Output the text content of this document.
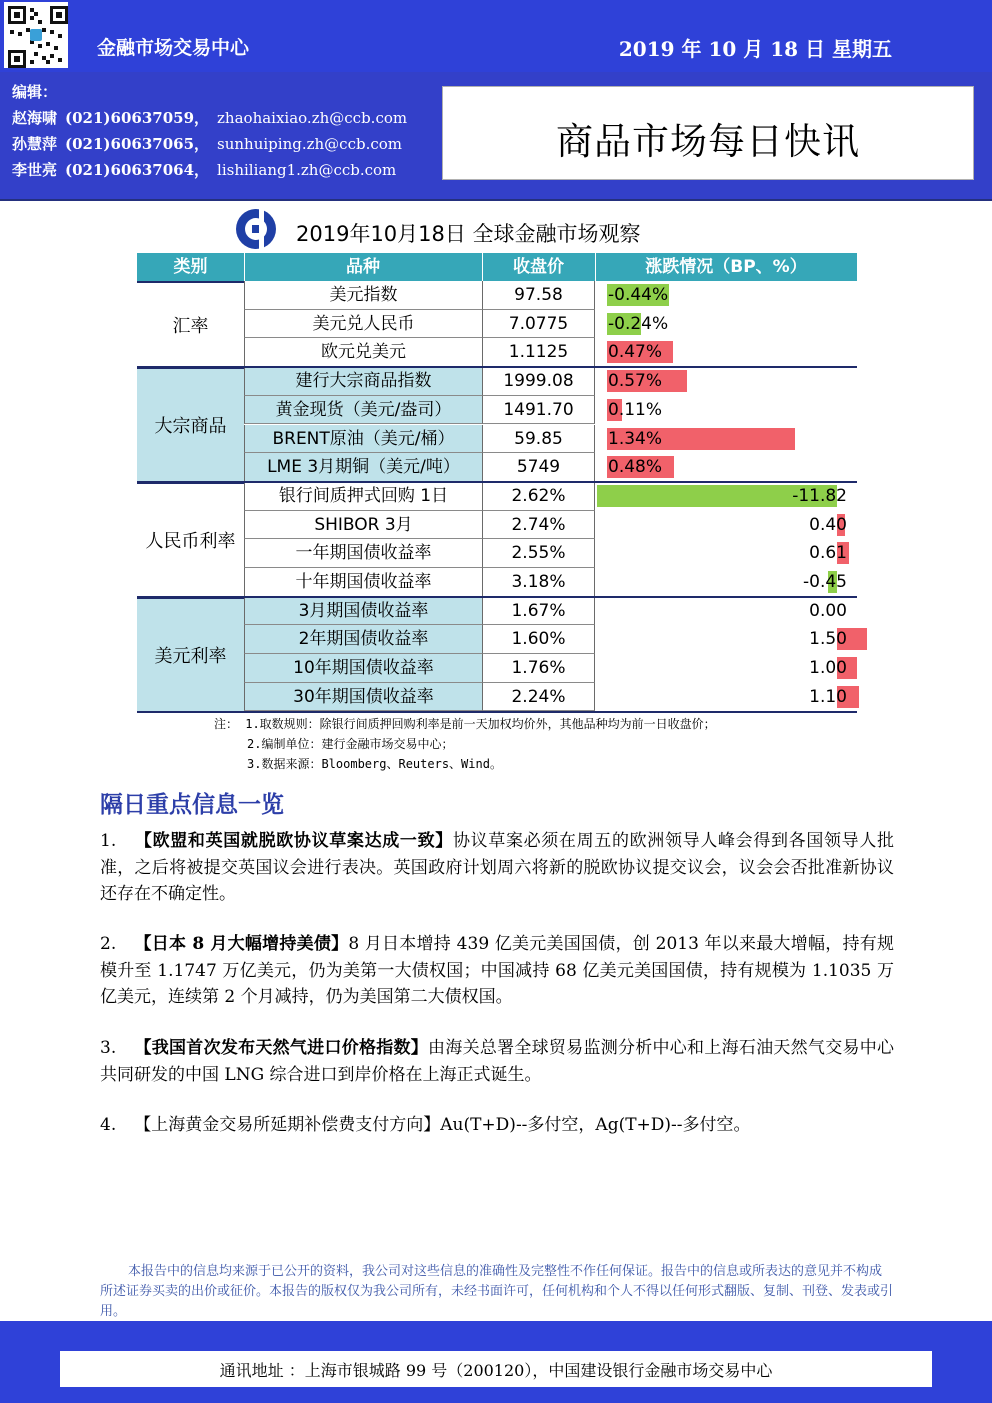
金融市场交易中心	2019 年 10 月 18 日 星期五
编辑：
赵海啸 (021)60637059， zhaohaixiao.zh@ccb.com
孙慧萍 (021)60637065， sunhuiping.zh@ccb.com
李世亮 (021)60637064， lishiliang1.zh@ccb.com
商品市场每日快讯
2019年10月18日 全球金融市场观察
类别	品种	收盘价	涨跌情况（BP、%）
汇率
美元指数	97.58	-0.44%
美元兑人民币	7.0775	-0.24%
欧元兑美元	1.1125	0.47%
大宗商品
建行大宗商品指数	1999.08	0.57%
黄金现货（美元/盎司）	1491.70	0.11%
BRENT原油（美元/桶）	59.85	1.34%
LME 3月期铜（美元/吨）	5749	0.48%
人民币利率
银行间质押式回购 1日	2.62%	-11.82
SHIBOR 3月	2.74%	0.40
一年期国债收益率	2.55%	0.61
十年期国债收益率	3.18%	-0.45
美元利率
3月期国债收益率	1.67%	0.00
2年期国债收益率	1.60%	1.50
10年期国债收益率	1.76%	1.00
30年期国债收益率	2.24%	1.10
注： 1.取数规则：除银行间质押回购利率是前一天加权均价外，其他品种均为前一日收盘价；
2.编制单位：建行金融市场交易中心；
3.数据来源：Bloomberg、Reuters、Wind。
隔日重点信息一览
1. 【欧盟和英国就脱欧协议草案达成一致】协议草案必须在周五的欧洲领导人峰会得到各国领导人批准，之后将被提交英国议会进行表决。英国政府计划周六将新的脱欧协议提交议会，议会会否批准新协议还存在不确定性。
2. 【日本 8 月大幅增持美债】8 月日本增持 439 亿美元美国国债，创 2013 年以来最大增幅，持有规模升至 1.1747 万亿美元，仍为美第一大债权国；中国减持 68 亿美元美国国债，持有规模为 1.1035 万亿美元，连续第 2 个月减持，仍为美国第二大债权国。
3. 【我国首次发布天然气进口价格指数】由海关总署全球贸易监测分析中心和上海石油天然气交易中心共同研发的中国 LNG 综合进口到岸价格在上海正式诞生。
4. 【上海黄金交易所延期补偿费支付方向】Au(T+D)--多付空，Ag(T+D)--多付空。
本报告中的信息均来源于已公开的资料，我公司对这些信息的准确性及完整性不作任何保证。报告中的信息或所表达的意见并不构成所述证券买卖的出价或征价。本报告的版权仅为我公司所有，未经书面许可，任何机构和个人不得以任何形式翻版、复制、刊登、发表或引用。
通讯地址 ：上海市银城路 99 号（200120），中国建设银行金融市场交易中心
